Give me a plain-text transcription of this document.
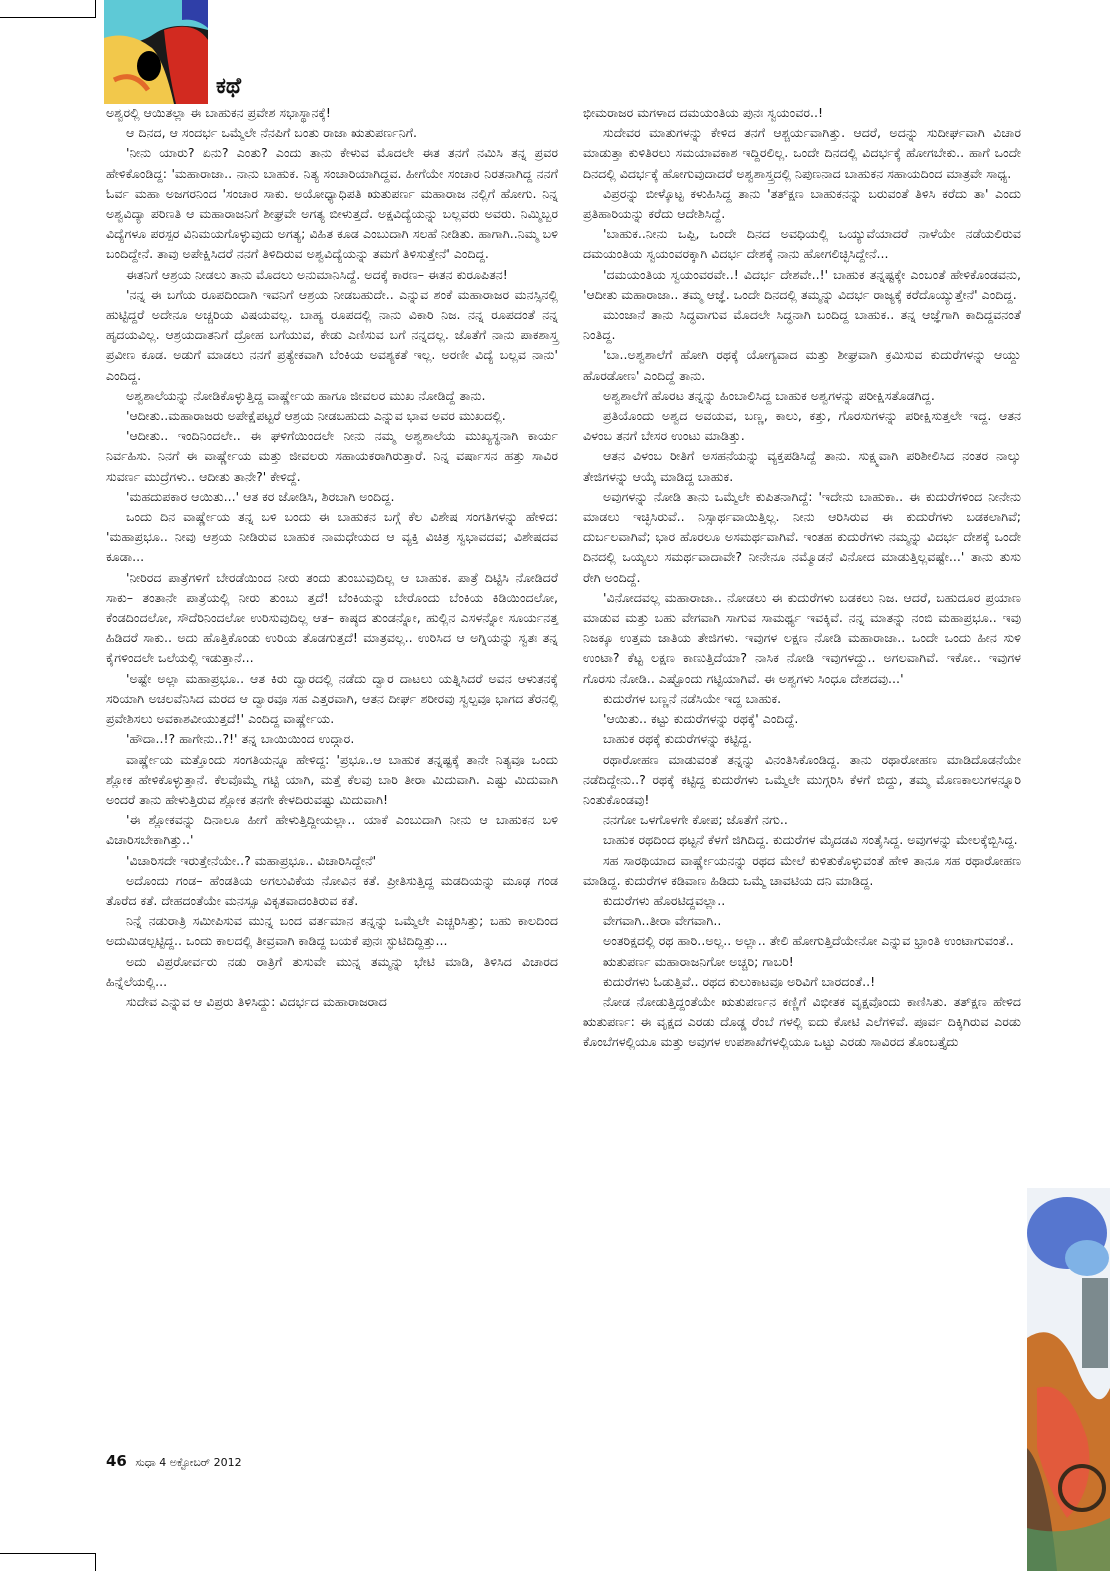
ಕಥೆ

ಅಶ್ವರಲ್ಲಿ ಆಯಿತಲ್ಲಾ ಈ ಬಾಹುಕನ ಪ್ರವೇಶ ಸಭಾಸ್ಥಾನಕ್ಕೆ!

ಆ ದಿನದ, ಆ ಸಂದರ್ಭ ಒಮ್ಮೆಲೇ ನೆನಪಿಗೆ ಬಂತು ರಾಜಾ ಋತುಪರ್ಣನಿಗೆ.

'ನೀನು ಯಾರು? ಏನು? ಎಂತು? ಎಂದು ತಾನು ಕೇಳುವ ಮೊದಲೇ ಈತ ತನಗೆ ನಮಿಸಿ ತನ್ನ ಪ್ರವರ ಹೇಳಿಕೊಂಡಿದ್ದ: 'ಮಹಾರಾಜಾ.. ನಾನು ಬಾಹುಕ. ನಿತ್ಯ ಸಂಚಾರಿಯಾಗಿದ್ದವ. ಹೀಗೆಯೇ ಸಂಚಾರ ನಿರತನಾಗಿದ್ದ ನನಗೆ ಓರ್ವ ಮಹಾ ಅಜಗರನಿಂದ 'ಸಂಚಾರ ಸಾಕು. ಅಯೋಧ್ಯಾಧಿಪತಿ ಋತುಪರ್ಣ ಮಹಾರಾಜ ನಲ್ಲಿಗೆ ಹೋಗು. ನಿನ್ನ ಅಶ್ವವಿದ್ಯಾ ಪರಿಣತಿ ಆ ಮಹಾರಾಜನಿಗೆ ಶೀಘ್ರವೇ ಅಗತ್ಯ ಬೀಳುತ್ತದೆ. ಅಕ್ಷವಿದ್ಯೆಯನ್ನು ಬಲ್ಲವರು ಅವರು. ನಿಮ್ಮಿಬ್ಬರ ವಿದ್ಯೆಗಳೂ ಪರಸ್ಪರ ವಿನಿಮಯಗೊಳ್ಳುವುದು ಅಗತ್ಯ; ವಿಹಿತ ಕೂಡ ಎಂಬುದಾಗಿ ಸಲಹೆ ನೀಡಿತು. ಹಾಗಾಗಿ..ನಿಮ್ಮ ಬಳಿ ಬಂದಿದ್ದೇನೆ. ತಾವು ಅಪೇಕ್ಷಿಸಿದರೆ ನನಗೆ ತಿಳಿದಿರುವ ಅಶ್ವವಿದ್ಯೆಯನ್ನು ತಮಗೆ ತಿಳಿಸುತ್ತೇನೆ' ಎಂದಿದ್ದ.

ಈತನಿಗೆ ಆಶ್ರಯ ನೀಡಲು ತಾನು ಮೊದಲು ಅನುಮಾನಿಸಿದ್ದೆ. ಅದಕ್ಕೆ ಕಾರಣ– ಈತನ ಕುರೂಪಿತನ!

'ನನ್ನ ಈ ಬಗೆಯ ರೂಪದಿಂದಾಗಿ ಇವನಿಗೆ ಆಶ್ರಯ ನೀಡಬಹುದೇ.. ಎನ್ನುವ ಶಂಕೆ ಮಹಾರಾಜರ ಮನಸ್ಸಿನಲ್ಲಿ ಹುಟ್ಟಿದ್ದರೆ ಅದೇನೂ ಅಚ್ಚರಿಯ ವಿಷಯವಲ್ಲ. ಬಾಹ್ಯ ರೂಪದಲ್ಲಿ ನಾನು ವಿಕಾರಿ ನಿಜ. ನನ್ನ ರೂಪದಂತೆ ನನ್ನ ಹೃದಯವಿಲ್ಲ. ಆಶ್ರಯದಾತನಿಗೆ ದ್ರೋಹ ಬಗೆಯುವ, ಕೇಡು ಎಣಿಸುವ ಬಗೆ ನನ್ನದಲ್ಲ. ಜೊತೆಗೆ ನಾನು ಪಾಕಶಾಸ್ತ್ರ ಪ್ರವೀಣ ಕೂಡ. ಅಡುಗೆ ಮಾಡಲು ನನಗೆ ಪ್ರತ್ಯೇಕವಾಗಿ ಬೆಂಕಿಯ ಅವಶ್ಯಕತೆ ಇಲ್ಲ. ಅರಣೀ ವಿದ್ಯೆ ಬಲ್ಲವ ನಾನು' ಎಂದಿದ್ದ.

ಅಶ್ವಶಾಲೆಯನ್ನು ನೋಡಿಕೊಳ್ಳುತ್ತಿದ್ದ ವಾರ್ಷ್ಣೇಯ ಹಾಗೂ ಜೀವಲರ ಮುಖ ನೋಡಿದ್ದೆ ತಾನು.

'ಆದೀತು..ಮಹಾರಾಜರು ಅಪೇಕ್ಷೆಪಟ್ಟರೆ ಆಶ್ರಯ ನೀಡಬಹುದು ಎನ್ನುವ ಭಾವ ಅವರ ಮುಖದಲ್ಲಿ.

'ಆದೀತು.. ಇಂದಿನಿಂದಲೇ.. ಈ ಘಳಿಗೆಯಿಂದಲೇ ನೀನು ನಮ್ಮ ಅಶ್ವಶಾಲೆಯ ಮುಖ್ಯಸ್ಥನಾಗಿ ಕಾರ್ಯ ನಿರ್ವಹಿಸು. ನಿನಗೆ ಈ ವಾರ್ಷ್ಣೇಯ ಮತ್ತು ಜೀವಲರು ಸಹಾಯಕರಾಗಿರುತ್ತಾರೆ. ನಿನ್ನ ವರ್ಷಾಸನ ಹತ್ತು ಸಾವಿರ ಸುವರ್ಣ ಮುದ್ರೆಗಳು.. ಆದೀತು ತಾನೇ?' ಕೇಳಿದ್ದೆ.

'ಮಹದುಪಕಾರ ಆಯಿತು...' ಆತ ಕರ ಜೋಡಿಸಿ, ಶಿರಬಾಗಿ ಅಂದಿದ್ದ.

ಒಂದು ದಿನ ವಾರ್ಷ್ಣೇಯ ತನ್ನ ಬಳಿ ಬಂದು ಈ ಬಾಹುಕನ ಬಗ್ಗೆ ಕೆಲ ವಿಶೇಷ ಸಂಗತಿಗಳನ್ನು ಹೇಳಿದ: 'ಮಹಾಪ್ರಭೂ.. ನೀವು ಆಶ್ರಯ ನೀಡಿರುವ ಬಾಹುಕ ನಾಮಧೇಯದ ಆ ವ್ಯಕ್ತಿ ವಿಚಿತ್ರ ಸ್ವಭಾವದವ; ವಿಶೇಷದವ ಕೂಡಾ...

'ನೀರಿರದ ಪಾತ್ರೆಗಳಿಗೆ ಬೇರಡೆಯಿಂದ ನೀರು ತಂದು ತುಂಬುವುದಿಲ್ಲ ಆ ಬಾಹುಕ. ಪಾತ್ರೆ ದಿಟ್ಟಿಸಿ ನೋಡಿದರೆ ಸಾಕು– ತಂತಾನೇ ಪಾತ್ರೆಯಲ್ಲಿ ನೀರು ತುಂಬು ತ್ತದೆ! ಬೆಂಕಿಯನ್ನು ಬೇರೊಂದು ಬೆಂಕಿಯ ಕಿಡಿಯಿಂದಲೋ, ಕೆಂಡದಿಂದಲೋ, ಸೌದೆರಿನಿಂದಲೋ ಉರಿಸುವುದಿಲ್ಲ ಆತ– ಕಾಷ್ಠದ ತುಂಡನ್ನೋ, ಹುಲ್ಲಿನ ಎಸಳನ್ನೋ ಸೂರ್ಯನತ್ತ ಹಿಡಿದರೆ ಸಾಕು.. ಅದು ಹೊತ್ತಿಕೊಂಡು ಉರಿಯ ತೊಡಗುತ್ತದೆ! ಮಾತ್ರವಲ್ಲ.. ಉರಿಸಿದ ಆ ಅಗ್ನಿಯನ್ನು ಸ್ವತಃ ತನ್ನ ಕೈಗಳಿಂದಲೇ ಒಲೆಯಲ್ಲಿ ಇಡುತ್ತಾನೆ...

'ಅಷ್ಟೇ ಅಲ್ಲಾ ಮಹಾಪ್ರಭೂ.. ಆತ ಕಿರು ದ್ವಾರದಲ್ಲಿ ನಡೆದು ದ್ವಾರ ದಾಟಲು ಯತ್ನಿಸಿದರೆ ಅವನ ಆಳುತನಕ್ಕೆ ಸರಿಯಾಗಿ ಅಚಲವೆನಿಸಿದ ಮರದ ಆ ದ್ವಾರವೂ ಸಹ ಎತ್ತರವಾಗಿ, ಆತನ ದೀರ್ಘ ಶರೀರವು ಸ್ವಲ್ಪವೂ ಭಾಗದ ತೆರನಲ್ಲಿ ಪ್ರವೇಶಿಸಲು ಅವಕಾಶವೀಯುತ್ತದೆ!' ಎಂದಿದ್ದ ವಾರ್ಷ್ಣೇಯ.

'ಹೌದಾ..!? ಹಾಗೇನು..?!' ತನ್ನ ಬಾಯಿಯಿಂದ ಉದ್ಗಾರ.

ವಾರ್ಷ್ಣೇಯ ಮತ್ತೊಂದು ಸಂಗತಿಯನ್ನೂ ಹೇಳಿದ್ದ: 'ಪ್ರಭೂ..ಆ ಬಾಹುಕ ತನ್ನಷ್ಟಕ್ಕೆ ತಾನೇ ನಿತ್ಯವೂ ಒಂದು ಶ್ಲೋಕ ಹೇಳಿಕೊಳ್ಳುತ್ತಾನೆ. ಕೆಲವೊಮ್ಮೆ ಗಟ್ಟಿ ಯಾಗಿ, ಮತ್ತೆ ಕೆಲವು ಬಾರಿ ತೀರಾ ಮಿದುವಾಗಿ. ಎಷ್ಟು ಮಿದುವಾಗಿ ಅಂದರೆ ತಾನು ಹೇಳುತ್ತಿರುವ ಶ್ಲೋಕ ತನಗೇ ಕೇಳದಿರುವಷ್ಟು ಮಿದುವಾಗಿ!

'ಈ ಶ್ಲೋಕವನ್ನು ದಿನಾಲೂ ಹೀಗೆ ಹೇಳುತ್ತಿದ್ದೀಯಲ್ಲಾ.. ಯಾಕೆ ಎಂಬುದಾಗಿ ನೀನು ಆ ಬಾಹುಕನ ಬಳಿ ವಿಚಾರಿಸಬೇಕಾಗಿತ್ತು..'

'ವಿಚಾರಿಸದೇ ಇರುತ್ತೇನೆಯೇ..? ಮಹಾಪ್ರಭೂ.. ವಿಚಾರಿಸಿದ್ದೇನೆ'

ಅದೊಂದು ಗಂಡ– ಹೆಂಡತಿಯ ಅಗಲುವಿಕೆಯ ನೋವಿನ ಕತೆ. ಪ್ರೀತಿಸುತ್ತಿದ್ದ ಮಡದಿಯನ್ನು ಮೂಢ ಗಂಡ ತೊರೆದ ಕತೆ. ದೇಹದಂತೆಯೇ ಮನಸ್ಸೂ ವಿಕೃತವಾದಂತಿರುವ ಕತೆ.

ನಿನ್ನೆ ನಡುರಾತ್ರಿ ಸಮೀಪಿಸುವ ಮುನ್ನ ಬಂದ ವರ್ತಮಾನ ತನ್ನನ್ನು ಒಮ್ಮೆಲೇ ಎಚ್ಚರಿಸಿತ್ತು; ಬಹು ಕಾಲದಿಂದ ಅದುಮಿಡಲ್ಪಟ್ಟಿದ್ದ.. ಒಂದು ಕಾಲದಲ್ಲಿ ತೀವ್ರವಾಗಿ ಕಾಡಿದ್ದ ಬಯಕೆ ಪುನಃ ಸ್ಫುಟಿದಿದ್ದಿತ್ತು...

ಅದು ವಿಪ್ರರೋರ್ವರು ನಡು ರಾತ್ರಿಗೆ ತುಸುವೇ ಮುನ್ನ ತಮ್ಮನ್ನು ಭೇಟಿ ಮಾಡಿ, ತಿಳಿಸಿದ ವಿಚಾರದ ಹಿನ್ನೆಲೆಯಲ್ಲಿ...

ಸುದೇವ ಎನ್ನುವ ಆ ವಿಪ್ರರು ತಿಳಿಸಿದ್ದು: ವಿದರ್ಭದ ಮಹಾರಾಜರಾದ

ಭೀಮರಾಜರ ಮಗಳಾದ ದಮಯಂತಿಯ ಪುನಃ ಸ್ವಯಂವರ..!

ಸುದೇವರ ಮಾತುಗಳನ್ನು ಕೇಳಿದ ತನಗೆ ಆಶ್ಚರ್ಯವಾಗಿತ್ತು. ಆದರೆ, ಅದನ್ನು ಸುದೀರ್ಘವಾಗಿ ವಿಚಾರ ಮಾಡುತ್ತಾ ಕುಳಿತಿರಲು ಸಮಯಾವಕಾಶ ಇದ್ದಿರಲಿಲ್ಲ. ಒಂದೇ ದಿನದಲ್ಲಿ ವಿದರ್ಭಕ್ಕೆ ಹೋಗಬೇಕು.. ಹಾಗೆ ಒಂದೇ ದಿನದಲ್ಲಿ ವಿದರ್ಭಕ್ಕೆ ಹೋಗುವುದಾದರೆ ಅಶ್ವಶಾಸ್ತ್ರದಲ್ಲಿ ನಿಪುಣನಾದ ಬಾಹುಕನ ಸಹಾಯದಿಂದ ಮಾತ್ರವೇ ಸಾಧ್ಯ.

ವಿಪ್ರರನ್ನು ಬೀಳ್ಕೊಟ್ಟ ಕಳುಹಿಸಿದ್ದ ತಾನು 'ತತ್‌ಕ್ಷಣ ಬಾಹುಕನನ್ನು ಬರುವಂತೆ ತಿಳಿಸಿ ಕರೆದು ತಾ' ಎಂದು ಪ್ರತಿಹಾರಿಯನ್ನು ಕರೆದು ಆದೇಶಿಸಿದ್ದೆ.

'ಬಾಹುಕ..ನೀನು ಒಪ್ಪಿ, ಒಂದೇ ದಿನದ ಅವಧಿಯಲ್ಲಿ ಒಯ್ಯುವೆಯಾದರೆ ನಾಳೆಯೇ ನಡೆಯಲಿರುವ ದಮಯಂತಿಯ ಸ್ವಯಂವರಕ್ಕಾಗಿ ವಿದರ್ಭ ದೇಶಕ್ಕೆ ನಾನು ಹೋಗಲಿಚ್ಛಿಸಿದ್ದೇನೆ...

'ದಮಯಂತಿಯ ಸ್ವಯಂವರವೇ..! ವಿದರ್ಭ ದೇಶವೇ..!' ಬಾಹುಕ ತನ್ನಷ್ಟಕ್ಕೇ ಎಂಬಂತೆ ಹೇಳಿಕೊಂಡವನು, 'ಆದೀತು ಮಹಾರಾಜಾ.. ತಮ್ಮ ಆಜ್ಞೆ. ಒಂದೇ ದಿನದಲ್ಲಿ ತಮ್ಮನ್ನು ವಿದರ್ಭ ರಾಜ್ಯಕ್ಕೆ ಕರೆದೊಯ್ಯುತ್ತೇನೆ' ಎಂದಿದ್ದ.

ಮುಂಜಾನೆ ತಾನು ಸಿದ್ಧವಾಗುವ ಮೊದಲೇ ಸಿದ್ಧನಾಗಿ ಬಂದಿದ್ದ ಬಾಹುಕ.. ತನ್ನ ಆಜ್ಞೆಗಾಗಿ ಕಾದಿದ್ದವನಂತೆ ನಿಂತಿದ್ದ.

'ಬಾ..ಅಶ್ವಶಾಲೆಗೆ ಹೋಗಿ ರಥಕ್ಕೆ ಯೋಗ್ಯವಾದ ಮತ್ತು ಶೀಘ್ರವಾಗಿ ಕ್ರಮಿಸುವ ಕುದುರೆಗಳನ್ನು ಆಯ್ದು ಹೊರಡೋಣ' ಎಂದಿದ್ದೆ ತಾನು.

ಅಶ್ವಶಾಲೆಗೆ ಹೊರಟ ತನ್ನನ್ನು ಹಿಂಬಾಲಿಸಿದ್ದ ಬಾಹುಕ ಅಶ್ವಗಳನ್ನು ಪರೀಕ್ಷಿಸತೊಡಗಿದ್ದ.

ಪ್ರತಿಯೊಂದು ಅಶ್ವದ ಅವಯವ, ಬಣ್ಣ, ಕಾಲು, ಕತ್ತು, ಗೊರಸುಗಳನ್ನು ಪರೀಕ್ಷಿಸುತ್ತಲೇ ಇದ್ದ. ಆತನ ವಿಳಂಬ ತನಗೆ ಬೇಸರ ಉಂಟು ಮಾಡಿತ್ತು.

ಆತನ ವಿಳಂಬ ರೀತಿಗೆ ಅಸಹನೆಯನ್ನು ವ್ಯಕ್ತಪಡಿಸಿದ್ದೆ ತಾನು. ಸುಕ್ಷ್ಮವಾಗಿ ಪರಿಶೀಲಿಸಿದ ನಂತರ ನಾಲ್ಕು ತೇಜಿಗಳನ್ನು ಆಯ್ಕೆ ಮಾಡಿದ್ದ ಬಾಹುಕ.

ಅವುಗಳನ್ನು ನೋಡಿ ತಾನು ಒಮ್ಮೆಲೇ ಕುಪಿತನಾಗಿದ್ದೆ: 'ಇದೇನು ಬಾಹುಕಾ.. ಈ ಕುದುರೆಗಳಿಂದ ನೀನೇನು ಮಾಡಲು ಇಚ್ಛಿಸಿರುವೆ.. ನಿಸ್ಸಾರ್ಥವಾಯಿತ್ತಿಲ್ಲ. ನೀನು ಆರಿಸಿರುವ ಈ ಕುದುರೆಗಳು ಬಡಕಲಾಗಿವೆ; ದುರ್ಬಲವಾಗಿವೆ; ಭಾರ ಹೊರಲೂ ಅಸಮರ್ಥವಾಗಿವೆ. ಇಂತಹ ಕುದುರೆಗಳು ನಮ್ಮನ್ನು ವಿದರ್ಭ ದೇಶಕ್ಕೆ ಒಂದೇ ದಿನದಲ್ಲಿ ಒಯ್ಯಲು ಸಮರ್ಥವಾದಾವೇ? ನೀನೇನೂ ನಮ್ಮೊಡನೆ ವಿನೋದ ಮಾಡುತ್ತಿಲ್ಲವಷ್ಟೇ...' ತಾನು ತುಸು ರೇಗಿ ಅಂದಿದ್ದೆ.

'ವಿನೋದವಲ್ಲ ಮಹಾರಾಜಾ.. ನೋಡಲು ಈ ಕುದುರೆಗಳು ಬಡಕಲು ನಿಜ. ಆದರೆ, ಬಹುದೂರ ಪ್ರಯಾಣ ಮಾಡುವ ಮತ್ತು ಬಹು ವೇಗವಾಗಿ ಸಾಗುವ ಸಾಮರ್ಥ್ಯ ಇವಕ್ಕಿವೆ. ನನ್ನ ಮಾತನ್ನು ನಂಬಿ ಮಹಾಪ್ರಭೂ.. ಇವು ನಿಜಕ್ಕೂ ಉತ್ತಮ ಜಾತಿಯ ತೇಜಿಗಳು. ಇವುಗಳ ಲಕ್ಷಣ ನೋಡಿ ಮಹಾರಾಜಾ.. ಒಂದೇ ಒಂದು ಹೀನ ಸುಳಿ ಉಂಟಾ? ಕೆಟ್ಟ ಲಕ್ಷಣ ಕಾಣುತ್ತಿದೆಯಾ? ನಾಸಿಕ ನೋಡಿ ಇವುಗಳದ್ದು.. ಅಗಲವಾಗಿವೆ. ಇಕೋ.. ಇವುಗಳ ಗೊರಸು ನೋಡಿ.. ಎಷ್ಟೊಂದು ಗಟ್ಟಿಯಾಗಿವೆ. ಈ ಅಶ್ವಗಳು ಸಿಂಧೂ ದೇಶದವು...'

ಕುದುರೆಗಳ ಬಣ್ಣನೆ ನಡೆಸಿಯೇ ಇದ್ದ ಬಾಹುಕ.

'ಆಯಿತು.. ಕಟ್ಟು ಕುದುರೆಗಳನ್ನು ರಥಕ್ಕೆ' ಎಂದಿದ್ದೆ.

ಬಾಹುಕ ರಥಕ್ಕೆ ಕುದುರೆಗಳನ್ನು ಕಟ್ಟಿದ್ದ.

ರಥಾರೋಹಣ ಮಾಡುವಂತೆ ತನ್ನನ್ನು ವಿನಂತಿಸಿಕೊಂಡಿದ್ದ. ತಾನು ರಥಾರೋಹಣ ಮಾಡಿದೊಡನೆಯೇ ನಡೆದಿದ್ದೇನು..? ರಥಕ್ಕೆ ಕಟ್ಟಿದ್ದ ಕುದುರೆಗಳು ಒಮ್ಮೆಲೇ ಮುಗ್ಗರಿಸಿ ಕೆಳಗೆ ಬಿದ್ದು, ತಮ್ಮ ಮೊಣಕಾಲುಗಳನ್ನೂರಿ ನಿಂತುಕೊಂಡವು!

ನನಗೋ ಒಳಗೊಳಗೇ ಕೋಪ; ಜೊತೆಗೆ ನಗು..

ಬಾಹುಕ ರಥದಿಂದ ಥಟ್ಟನೆ ಕೆಳಗೆ ಜಿಗಿದಿದ್ದ. ಕುದುರೆಗಳ ಮೈದಡವಿ ಸಂತೈಸಿದ್ದ. ಅವುಗಳನ್ನು ಮೇಲಕ್ಕೆಬ್ಬಿಸಿದ್ದ.

ಸಹ ಸಾರಥಿಯಾದ ವಾರ್ಷ್ಣೇಯನನ್ನು ರಥದ ಮೇಲೆ ಕುಳಿತುಕೊಳ್ಳುವಂತೆ ಹೇಳಿ ತಾನೂ ಸಹ ರಥಾರೋಹಣ ಮಾಡಿದ್ದ. ಕುದುರೆಗಳ ಕಡಿವಾಣ ಹಿಡಿದು ಒಮ್ಮೆ ಚಾವಟಿಯ ದನಿ ಮಾಡಿದ್ದ.

ಕುದುರೆಗಳು ಹೊರಟಿದ್ದವಲ್ಲಾ..

ವೇಗವಾಗಿ..ತೀರಾ ವೇಗವಾಗಿ..

ಅಂತರಿಕ್ಷದಲ್ಲಿ ರಥ ಹಾರಿ..ಅಲ್ಲ.. ಅಲ್ಲಾ.. ತೇಲಿ ಹೋಗುತ್ತಿದೆಯೇನೋ ಎನ್ನುವ ಭ್ರಾಂತಿ ಉಂಟಾಗುವಂತೆ..

ಋತುಪರ್ಣ ಮಹಾರಾಜನಿಗೋ ಅಚ್ಚರಿ; ಗಾಬರಿ!

ಕುದುರೆಗಳು ಓಡುತ್ತಿವೆ.. ರಥದ ಕುಲುಕಾಟವೂ ಅರಿವಿಗೆ ಬಾರದಂತೆ..!

ನೋಡ ನೋಡುತ್ತಿದ್ದಂತೆಯೇ ಋತುಪರ್ಣನ ಕಣ್ಣಿಗೆ ವಿಭೀತಕ ವೃಕ್ಷವೊಂದು ಕಾಣಿಸಿತು. ತತ್‌ಕ್ಷಣ ಹೇಳಿದ ಋತುಪರ್ಣ: ಈ ವೃಕ್ಷದ ಎರಡು ದೊಡ್ಡ ರೆಂಬೆ ಗಳಲ್ಲಿ ಐದು ಕೋಟಿ ಎಲೆಗಳಿವೆ. ಪೂರ್ವ ದಿಕ್ಕಿಗಿರುವ ಎರಡು ಕೊಂಬೆಗಳಲ್ಲಿಯೂ ಮತ್ತು ಅವುಗಳ ಉಪಶಾಖೆಗಳಲ್ಲಿಯೂ ಒಟ್ಟು ಎರಡು ಸಾವಿರದ ತೊಂಬತ್ತೈದು

46 ಸುಧಾ 4 ಅಕ್ಟೋಬರ್ 2012
